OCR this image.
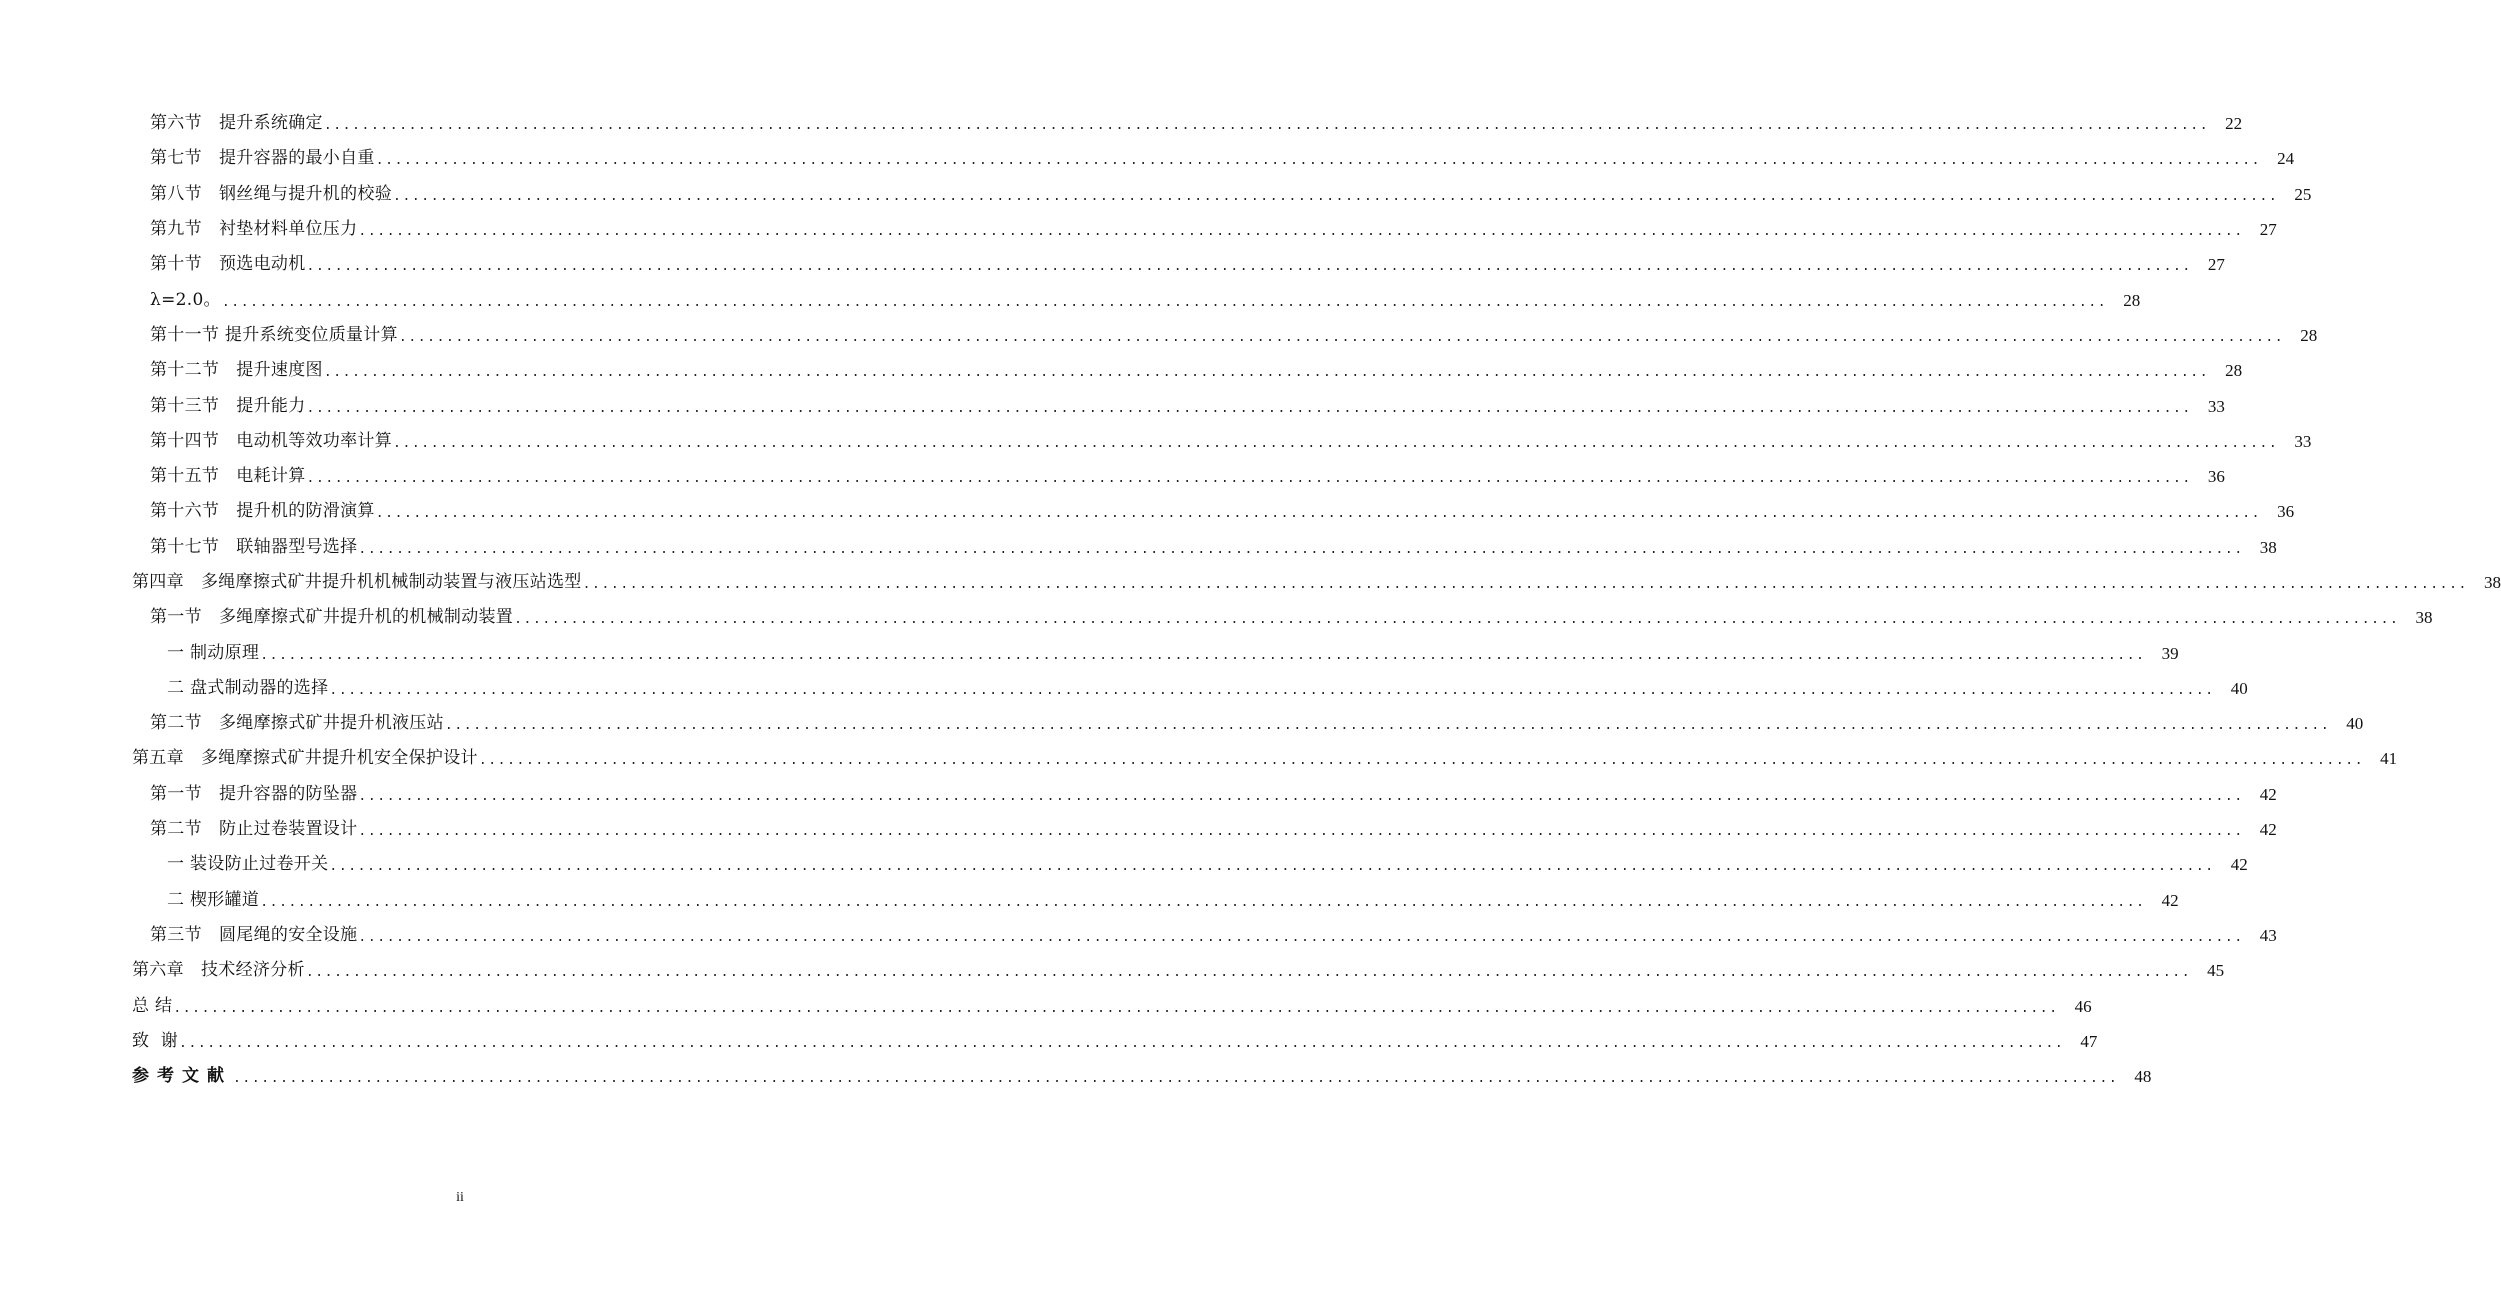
第六节   提升系统确定 ........................................................................................................................................................................................................ 22
第七节   提升容器的最小自重 ........................................................................................................................................................................................................ 24
第八节   钢丝绳与提升机的校验 ........................................................................................................................................................................................................ 25
第九节   衬垫材料单位压力 ........................................................................................................................................................................................................ 27
第十节   预选电动机 ........................................................................................................................................................................................................ 27
λ=2.0。 ........................................................................................................................................................................................................ 28
第十一节 提升系统变位质量计算 ........................................................................................................................................................................................................ 28
第十二节   提升速度图 ........................................................................................................................................................................................................ 28
第十三节   提升能力 ........................................................................................................................................................................................................ 33
第十四节   电动机等效功率计算 ........................................................................................................................................................................................................ 33
第十五节   电耗计算 ........................................................................................................................................................................................................ 36
第十六节   提升机的防滑演算 ........................................................................................................................................................................................................ 36
第十七节   联轴器型号选择 ........................................................................................................................................................................................................ 38
第四章   多绳摩擦式矿井提升机机械制动装置与液压站选型 ........................................................................................................................................................................................................ 38
第一节   多绳摩擦式矿井提升机的机械制动装置 ........................................................................................................................................................................................................ 38
一 制动原理 ........................................................................................................................................................................................................ 39
二 盘式制动器的选择 ........................................................................................................................................................................................................ 40
第二节   多绳摩擦式矿井提升机液压站 ........................................................................................................................................................................................................ 40
第五章   多绳摩擦式矿井提升机安全保护设计 ........................................................................................................................................................................................................ 41
第一节   提升容器的防坠器 ........................................................................................................................................................................................................ 42
第二节   防止过卷装置设计 ........................................................................................................................................................................................................ 42
一 装设防止过卷开关 ........................................................................................................................................................................................................ 42
二 楔形罐道 ........................................................................................................................................................................................................ 42
第三节   圆尾绳的安全设施 ........................................................................................................................................................................................................ 43
第六章   技术经济分析 ........................................................................................................................................................................................................ 45
总 结 ........................................................................................................................................................................................................ 46
致  谢 ........................................................................................................................................................................................................ 47
参考文献 ........................................................................................................................................................................................................ 48
ii
